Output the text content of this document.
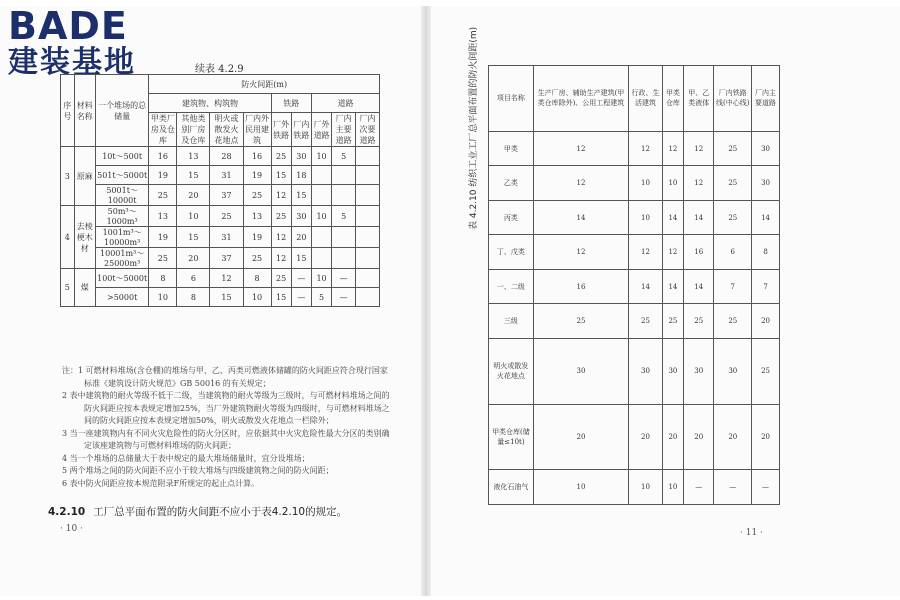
BADE
建装基地	续表 4.2.9
序号	材料名称	一个堆场的总储量	防火间距(m)								
			建筑物、构筑物				铁路		道路		
			甲类厂房及仓库	其他类别厂房及仓库	明火或散发火花地点	厂内外民用建筑	厂外铁路	厂内铁路	厂外道路	厂内主要道路	厂内次要道路
3	原麻	10t～500t	16	13	28	16	25	30	10	5	
		501t～5000t	19	15	31	19	15	18			
		5001t～10000t	25	20	37	25	12	15			
4	去棱梗木材	50m³～1000m³	13	10	25	13	25	30	10	5	
		1001m³～10000m³	19	15	31	19	12	20			
		10001m³～25000m³	25	20	37	25	12	15			
5	煤	100t～5000t	8	6	12	8	25	—	10	—	
		>5000t	10	8	15	10	15	—	5	—	
注：1 可燃材料堆场(含仓棚)的堆场与甲、乙、丙类可燃液体储罐的防火间距应符合现行国家标准《建筑设计防火规范》GB 50016 的有关规定；
2 表中建筑物的耐火等级不低于二级，当建筑物的耐火等级为三级时，与可燃材料堆场之间的防火间距应按本表规定增加25%，当厂外建筑物耐火等级为四级时，与可燃材料堆场之间的防火间距应按本表规定增加50%，明火或散发火花地点一栏除外；
3 当一座建筑物内有不同火灾危险性的防火分区时，应依据其中火灾危险性最大分区的类别确定该座建筑物与可燃材料堆场的防火间距；
4 当一个堆场的总储量大于表中规定的最大堆场储量时，宜分设堆场；
5 两个堆场之间的防火间距不应小于较大堆场与四级建筑物之间的防火间距；
6 表中防火间距应按本规范附录F所规定的起止点计算。
4.2.10 工厂总平面布置的防火间距不应小于表4.2.10的规定。
· 10 ·
表 4.2.10 纺织工业工厂总平面布置的防火间距(m)	项目名称	生产厂房、辅助生产建筑(甲类仓库除外)、公用工程建筑	行政、生活建筑	甲类仓库	甲、乙类液体	厂内铁路线(中心线)	厂内主要道路
甲类	12	12	12	12	25	30
乙类	12	10	10	12	25	30
丙类	14	10	14	14	25	14
丁、戊类	12	12	12	16	6	8
一、二级	16	14	14	14	7	7
三级	25	25	25	25	25	20
明火或散发火花地点	30	30	30	30	30	25
甲类仓库(储量≤10t)	20	20	20	20	20	20
液化石油气	10	10	10	—	—	—
· 11 ·
